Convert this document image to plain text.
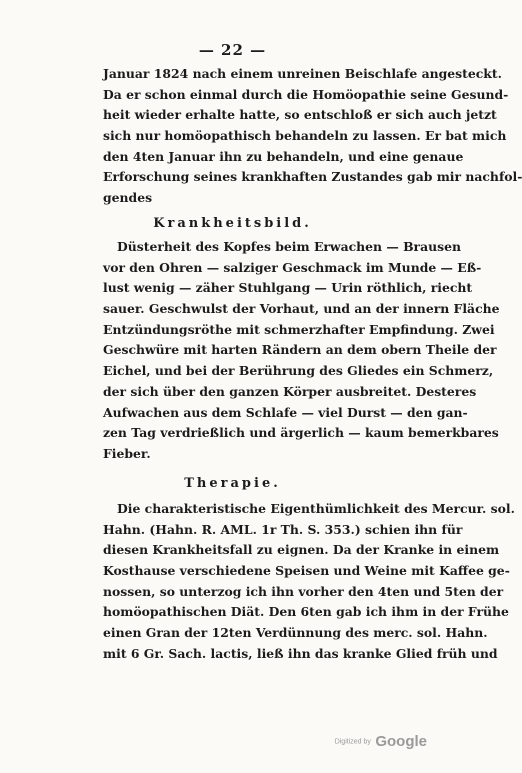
— 22 —
Januar 1824 nach einem unreinen Beischlafe angesteckt.
Da er schon einmal durch die Homöopathie seine Gesund-
heit wieder erhalte hatte, so entschloß er sich auch jetzt
sich nur homöopathisch behandeln zu lassen. Er bat mich
den 4ten Januar ihn zu behandeln, und eine genaue
Erforschung seines krankhaften Zustandes gab mir nachfol-
gendes
Krankheitsbild.
Düsterheit des Kopfes beim Erwachen — Brausen
vor den Ohren — salziger Geschmack im Munde — Eß-
lust wenig — zäher Stuhlgang — Urin röthlich, riecht
sauer. Geschwulst der Vorhaut, und an der innern Fläche
Entzündungsröthe mit schmerzhafter Empfindung. Zwei
Geschwüre mit harten Rändern an dem obern Theile der
Eichel, und bei der Berührung des Gliedes ein Schmerz,
der sich über den ganzen Körper ausbreitet. Desteres
Aufwachen aus dem Schlafe — viel Durst — den gan-
zen Tag verdrießlich und ärgerlich — kaum bemerkbares
Fieber.
Therapie.
Die charakteristische Eigenthümlichkeit des Mercur. sol.
Hahn. (Hahn. R. AML. 1r Th. S. 353.) schien ihn für
diesen Krankheitsfall zu eignen. Da der Kranke in einem
Kosthause verschiedene Speisen und Weine mit Kaffee ge-
nossen, so unterzog ich ihn vorher den 4ten und 5ten der
homöopathischen Diät. Den 6ten gab ich ihm in der Frühe
einen Gran der 12ten Verdünnung des merc. sol. Hahn.
mit 6 Gr. Sach. lactis, ließ ihn das kranke Glied früh und
Digitized by Google
